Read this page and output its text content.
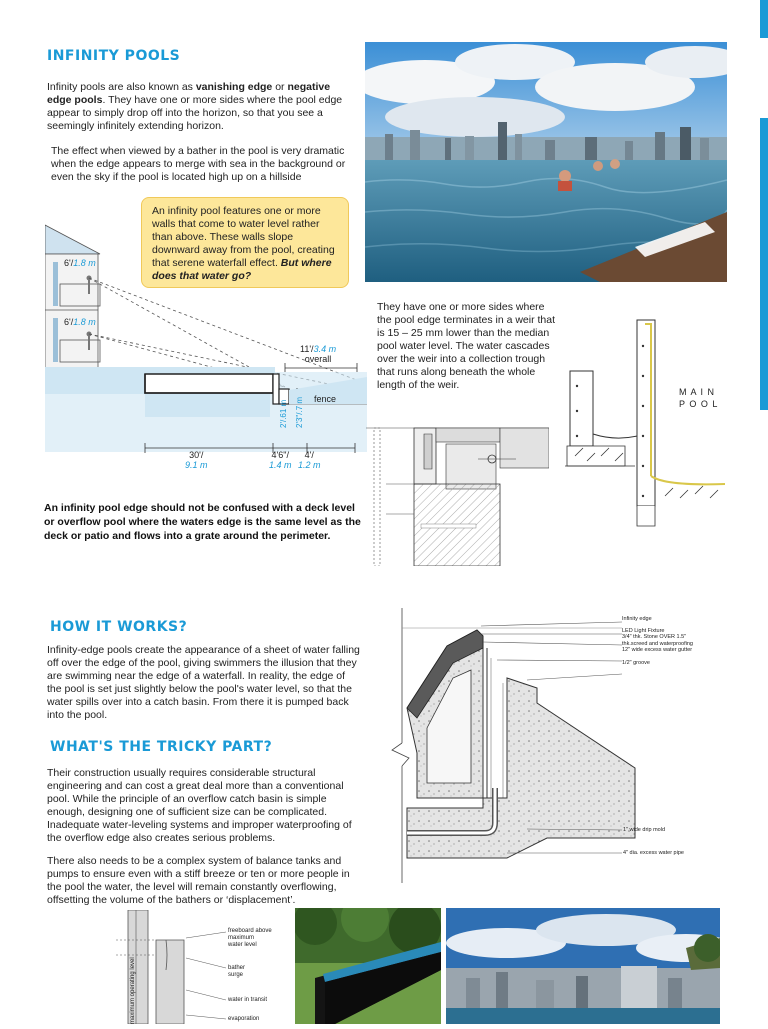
INFINITY POOLS
Infinity pools are also known as vanishing edge or negative edge pools. They have one or more sides where the pool edge appear to simply drop off into the horizon, so that you see a seemingly infinitely extending horizon.
The effect when viewed by a bather in the pool is very dramatic when the edge appears to merge with sea in the background or even the sky if the pool is located high up on a hillside
An infinity pool features one or more walls that come to water level rather than above. These walls slope downward away from the pool, creating that serene waterfall effect. But where does that water go?
6'/1.8 m
6'/1.8 m
11'/3.4 m
overall
fence
2'/.61 m 2'3"/.7 m
30'/
9.1 m
4'6"/
1.4 m
4'/
1.2 m
An infinity pool edge should not be confused with a deck level or overflow pool where the waters edge is the same level as the deck or patio and flows into a grate around the perimeter.
They have one or more sides where the pool edge terminates in a weir that is 15 – 25 mm lower than the median pool water level. The water cascades over the weir into a collection trough that runs along beneath the whole length of the weir.
M A I N
P O O L
HOW IT WORKS?
Infinity-edge pools create the appearance of a sheet of water falling off over the edge of the pool, giving swimmers the illusion that they are swimming near the edge of a waterfall. In reality, the edge of the pool is set just slightly below the pool's water level, so that the water spills over into a catch basin. From there it is pumped back into the pool.
WHAT'S THE TRICKY PART?
Their construction usually requires considerable structural engineering and can cost a great deal more than a conventional pool. While the principle of an overflow catch basin is simple enough, designing one of sufficient size can be complicated. Inadequate water-leveling systems and improper waterproofing of the overflow edge also creates serious problems.
There also needs to be a complex system of balance tanks and pumps to ensure even with a stiff breeze or ten or more people in the pool the water, the level will remain constantly overflowing, offsetting the volume of the bathers or ‘displacement’.
Infinity edge
LED Light Fixture
3/4" thk. Stone OVER 1.5"
thk.screed and waterproofing
12" wide excess water gutter
1/2" groove
1" wide drip mold
4" dia. excess water pipe
freeboard above
maximum
water level
bather
surge
water in transit
evaporation
maximum operating level
